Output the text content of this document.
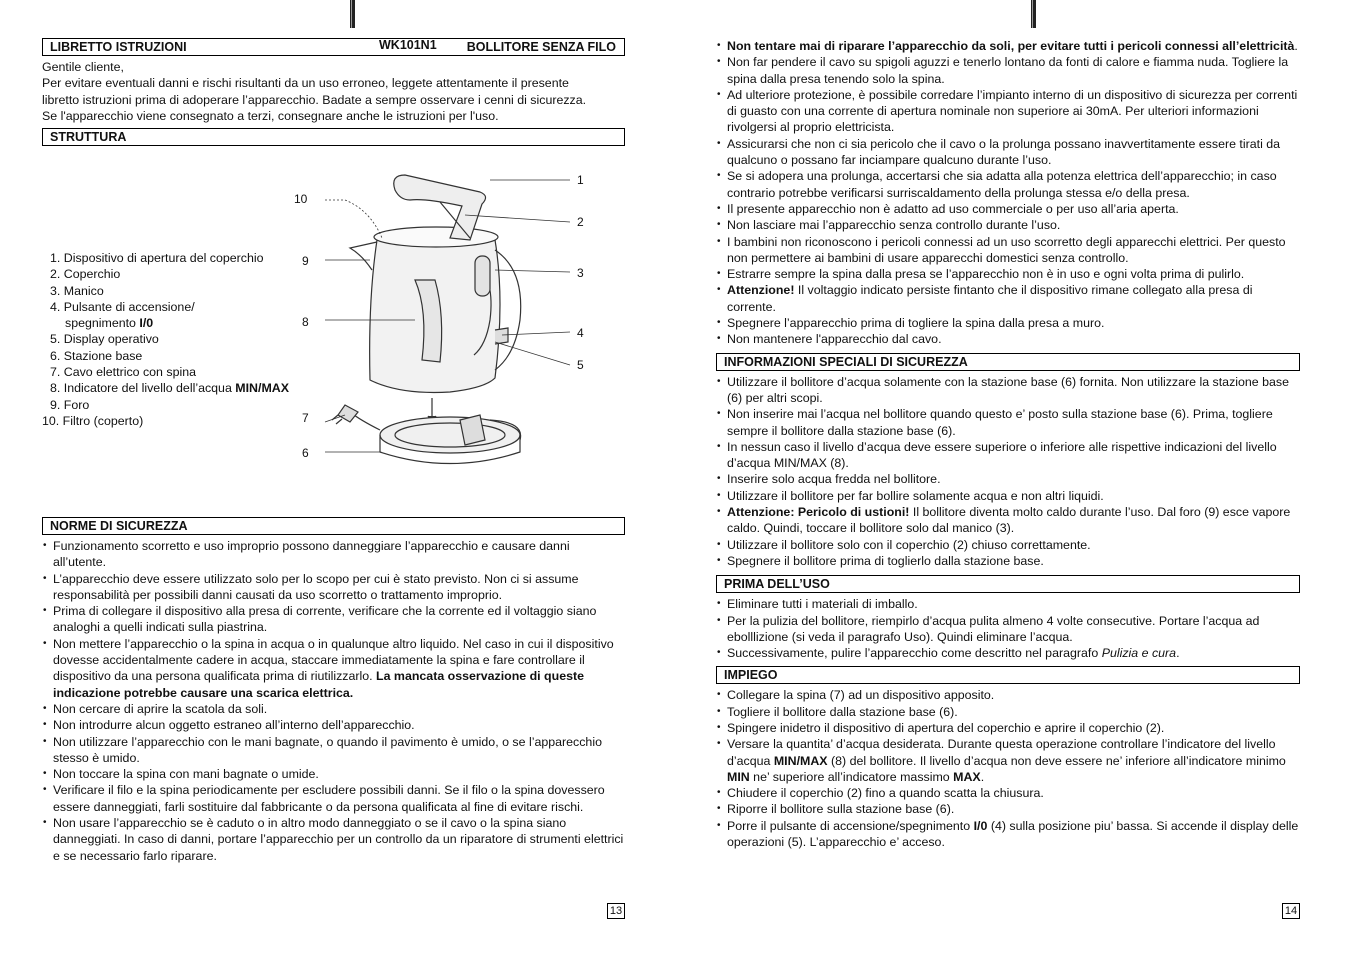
LIBRETTO ISTRUZIONI	WK101N1 BOLLITORE SENZA FILO

Gentile cliente,

Per evitare eventuali danni e rischi risultanti da un uso erroneo, leggete attentamente il presente

libretto istruzioni prima di adoperare l’apparecchio. Badate a sempre osservare i cenni di sicurezza.

Se l'apparecchio viene consegnato a terzi, consegnare anche le istruzioni per l'uso.

STRUTTURA
1. Dispositivo di apertura del coperchio
2. Coperchio
3. Manico
4. Pulsante di accensione/
spegnimento I/0
5. Display operativo
6. Stazione base
7. Cavo elettrico con spina
8. Indicatore del livello dell’acqua MIN/MAX
9. Foro
10. Filtro (coperto)
1
2
3
4
5
6
7
8
9
10
NORME DI SICUREZZA
• Funzionamento scorretto e uso improprio possono danneggiare l’apparecchio e causare danni all’utente.
• L’apparecchio deve essere utilizzato solo per lo scopo per cui è stato previsto. Non ci si assume responsabilità per possibili danni causati da uso scorretto o trattamento improprio.
• Prima di collegare il dispositivo alla presa di corrente, verificare che la corrente ed il voltaggio siano analoghi a quelli indicati sulla piastrina.
• Non mettere l’apparecchio o la spina in acqua o in qualunque altro liquido. Nel caso in cui il dispositivo dovesse accidentalmente cadere in acqua, staccare immediatamente la spina e fare controllare il dispositivo da una persona qualificata prima di riutilizzarlo. La mancata osservazione di queste indicazione potrebbe causare una scarica elettrica.
• Non cercare di aprire la scatola da soli.
• Non introdurre alcun oggetto estraneo all’interno dell’apparecchio.
• Non utilizzare l’apparecchio con le mani bagnate, o quando il pavimento è umido, o se l’apparecchio stesso è umido.
• Non toccare la spina con mani bagnate o umide.
• Verificare il filo e la spina periodicamente per escludere possibili danni. Se il filo o la spina dovessero essere danneggiati, farli sostituire dal fabbricante o da persona qualificata al fine di evitare rischi.
• Non usare l’apparecchio se è caduto o in altro modo danneggiato o se il cavo o la spina siano danneggiati. In caso di danni, portare l’apparecchio per un controllo da un riparatore di strumenti elettrici e se necessario farlo riparare.
13
• Non tentare mai di riparare l’apparecchio da soli, per evitare tutti i pericoli connessi all’elettricità.
• Non far pendere il cavo su spigoli aguzzi e tenerlo lontano da fonti di calore e fiamma nuda. Togliere la spina dalla presa tenendo solo la spina.
• Ad ulteriore protezione, è possibile corredare l’impianto interno di un dispositivo di sicurezza per correnti di guasto con una corrente di apertura nominale non superiore ai 30mA. Per ulteriori informazioni rivolgersi al proprio elettricista.
• Assicurarsi che non ci sia pericolo che il cavo o la prolunga possano inavvertitamente essere tirati da qualcuno o possano far inciampare qualcuno durante l’uso.
• Se si adopera una prolunga, accertarsi che sia adatta alla potenza elettrica dell’apparecchio; in caso contrario potrebbe verificarsi surriscaldamento della prolunga stessa e/o della presa.
• Il presente apparecchio non è adatto ad uso commerciale o per uso all’aria aperta.
• Non lasciare mai l’apparecchio senza controllo durante l’uso.
• I bambini non riconoscono i pericoli connessi ad un uso scorretto degli apparecchi elettrici. Per questo non permettere ai bambini di usare apparecchi domestici senza controllo.
• Estrarre sempre la spina dalla presa se l’apparecchio non è in uso e ogni volta prima di pulirlo.
• Attenzione! Il voltaggio indicato persiste fintanto che il dispositivo rimane collegato alla presa di corrente.
• Spegnere l’apparecchio prima di togliere la spina dalla presa a muro.
• Non mantenere l'apparecchio dal cavo.
INFORMAZIONI SPECIALI DI SICUREZZA
• Utilizzare il bollitore d’acqua solamente con la stazione base (6) fornita. Non utilizzare la stazione base (6) per altri scopi.
• Non inserire mai l’acqua nel bollitore quando questo e’ posto sulla stazione base (6). Prima, togliere sempre il bollitore dalla stazione base (6).
• In nessun caso il livello d’acqua deve essere superiore o inferiore alle rispettive indicazioni del livello d’acqua MIN/MAX (8).
• Inserire solo acqua fredda nel bollitore.
• Utilizzare il bollitore per far bollire solamente acqua e non altri liquidi.
• Attenzione: Pericolo di ustioni! Il bollitore diventa molto caldo durante l’uso. Dal foro (9) esce vapore caldo. Quindi, toccare il bollitore solo dal manico (3).
• Utilizzare il bollitore solo con il coperchio (2) chiuso correttamente.
• Spegnere il bollitore prima di toglierlo dalla stazione base.
PRIMA DELL’USO
• Eliminare tutti i materiali di imballo.
• Per la pulizia del bollitore, riempirlo d’acqua pulita almeno 4 volte consecutive. Portare l’acqua ad ebolllizione (si veda il paragrafo Uso). Quindi eliminare l’acqua.
• Successivamente, pulire l’apparecchio come descritto nel paragrafo Pulizia e cura.
IMPIEGO
• Collegare la spina (7) ad un dispositivo apposito.
• Togliere il bollitore dalla stazione base (6).
• Spingere inidetro il dispositivo di apertura del coperchio e aprire il coperchio (2).
• Versare la quantita’ d’acqua desiderata. Durante questa operazione controllare l’indicatore del livello d’acqua MIN/MAX (8) del bollitore. Il livello d’acqua non deve essere ne’ inferiore all’indicatore minimo MIN ne’ superiore all’indicatore massimo MAX.
• Chiudere il coperchio (2) fino a quando scatta la chiusura.
• Riporre il bollitore sulla stazione base (6).
• Porre il pulsante di accensione/spegnimento I/0 (4) sulla posizione piu’ bassa. Si accende il display delle operazioni (5). L’apparecchio e’ acceso.
14
